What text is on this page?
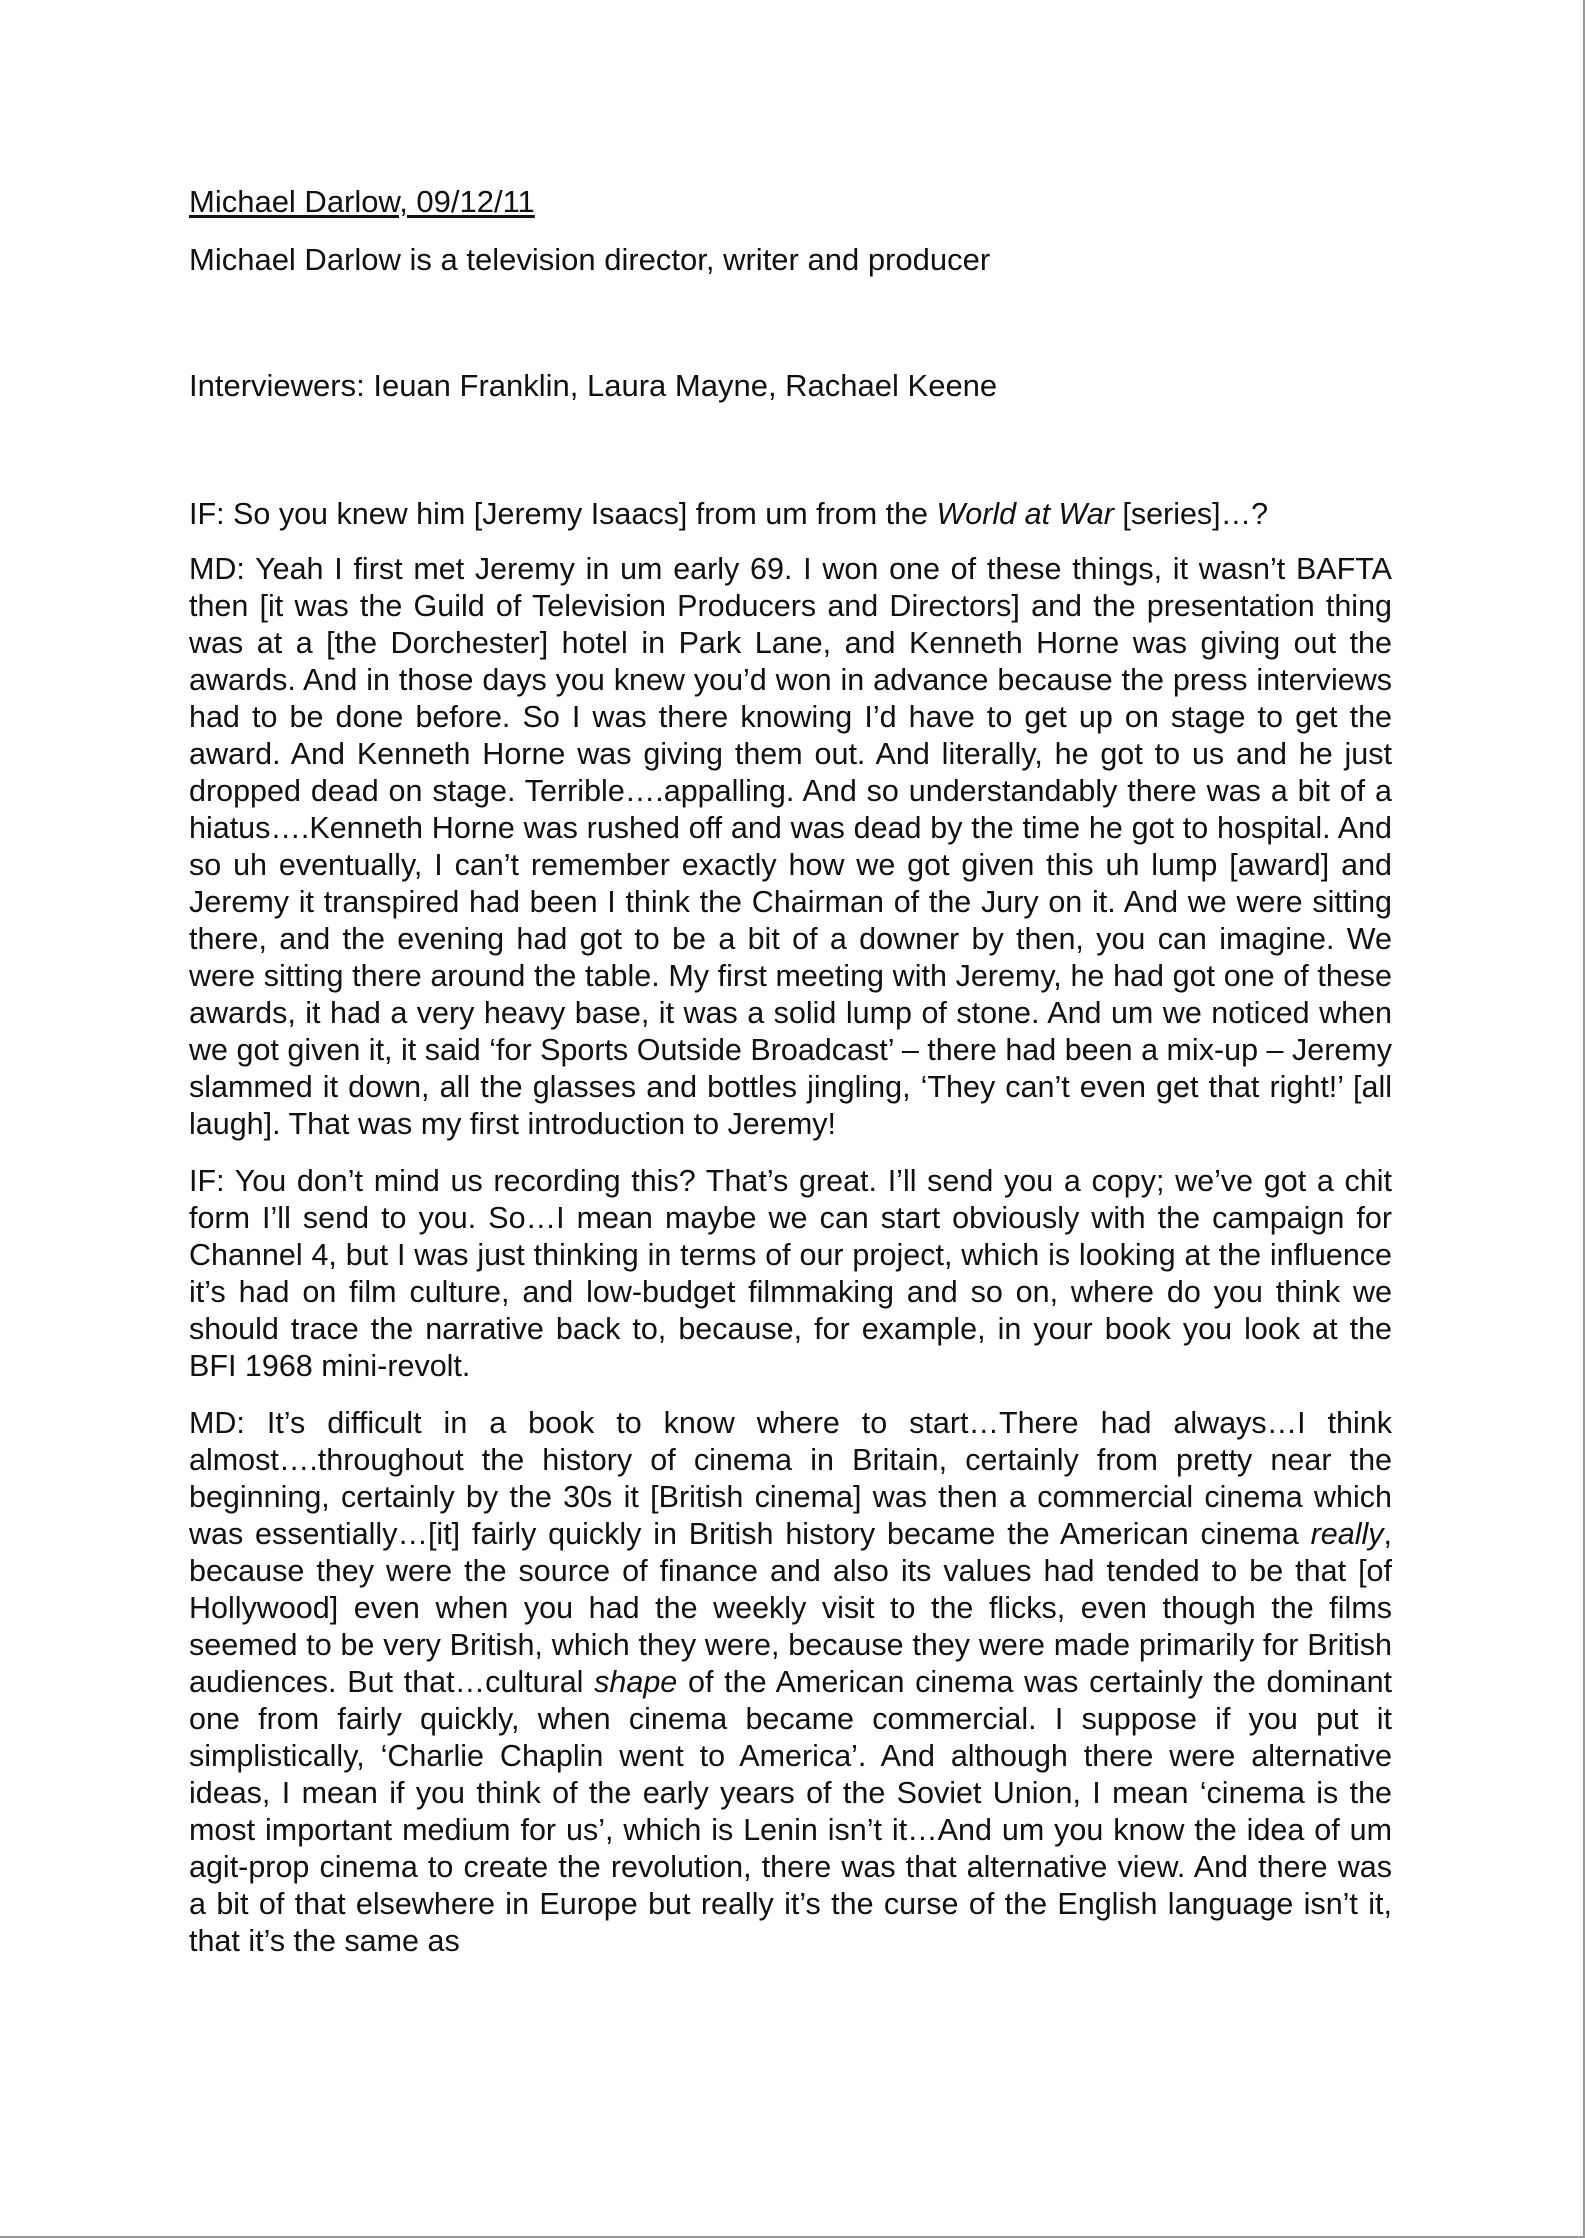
Michael Darlow, 09/12/11

Michael Darlow is a television director, writer and producer

Interviewers: Ieuan Franklin, Laura Mayne, Rachael Keene

IF: So you knew him [Jeremy Isaacs] from um from the World at War [series]…?

MD: Yeah I first met Jeremy in um early 69. I won one of these things, it wasn’t BAFTA then [it was the Guild of Television Producers and Directors] and the presentation thing was at a [the Dorchester] hotel in Park Lane, and Kenneth Horne was giving out the awards. And in those days you knew you’d won in advance because the press interviews had to be done before. So I was there knowing I’d have to get up on stage to get the award. And Kenneth Horne was giving them out. And literally, he got to us and he just dropped dead on stage. Terrible….appalling. And so understandably there was a bit of a hiatus….Kenneth Horne was rushed off and was dead by the time he got to hospital. And so uh eventually, I can’t remember exactly how we got given this uh lump [award] and Jeremy it transpired had been I think the Chairman of the Jury on it. And we were sitting there, and the evening had got to be a bit of a downer by then, you can imagine. We were sitting there around the table. My first meeting with Jeremy, he had got one of these awards, it had a very heavy base, it was a solid lump of stone. And um we noticed when we got given it, it said ‘for Sports Outside Broadcast’ – there had been a mix-up – Jeremy slammed it down, all the glasses and bottles jingling, ‘They can’t even get that right!’ [all laugh]. That was my first introduction to Jeremy!

IF: You don’t mind us recording this? That’s great. I’ll send you a copy; we’ve got a chit form I’ll send to you. So…I mean maybe we can start obviously with the campaign for Channel 4, but I was just thinking in terms of our project, which is looking at the influence it’s had on film culture, and low-budget filmmaking and so on, where do you think we should trace the narrative back to, because, for example, in your book you look at the BFI 1968 mini-revolt.

MD: It’s difficult in a book to know where to start…There had always…I think almost….throughout the history of cinema in Britain, certainly from pretty near the beginning, certainly by the 30s it [British cinema] was then a commercial cinema which was essentially…[it] fairly quickly in British history became the American cinema really, because they were the source of finance and also its values had tended to be that [of Hollywood] even when you had the weekly visit to the flicks, even though the films seemed to be very British, which they were, because they were made primarily for British audiences. But that…cultural shape of the American cinema was certainly the dominant one from fairly quickly, when cinema became commercial. I suppose if you put it simplistically, ‘Charlie Chaplin went to America’. And although there were alternative ideas, I mean if you think of the early years of the Soviet Union, I mean ‘cinema is the most important medium for us’, which is Lenin isn’t it…And um you know the idea of um agit-prop cinema to create the revolution, there was that alternative view. And there was a bit of that elsewhere in Europe but really it’s the curse of the English language isn’t it, that it’s the same as
